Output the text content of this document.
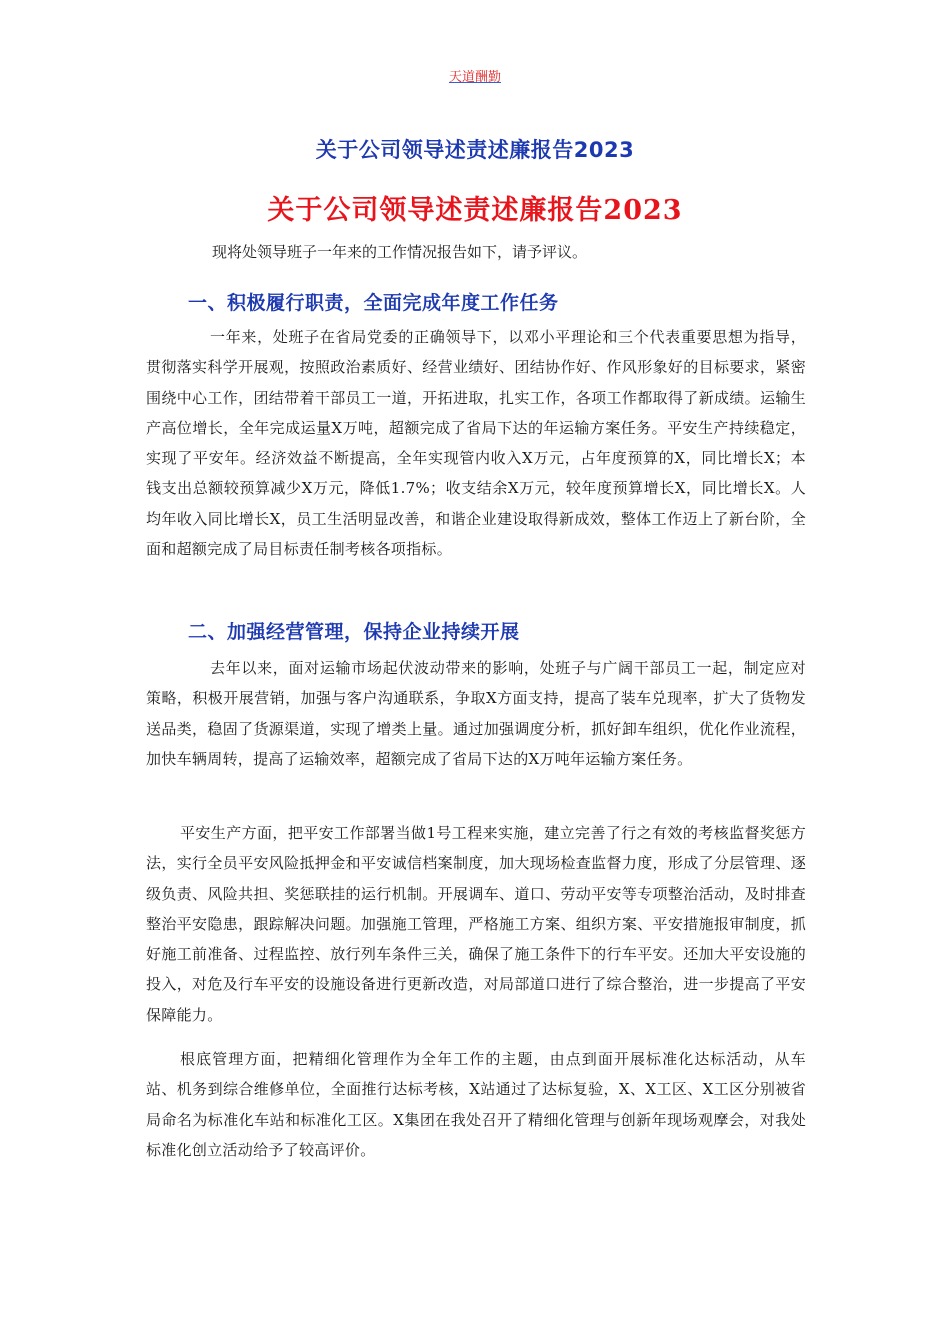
天道酬勤
关于公司领导述责述廉报告2023
关于公司领导述责述廉报告2023
现将处领导班子一年来的工作情况报告如下，请予评议。
一、积极履行职责，全面完成年度工作任务
一年来，处班子在省局党委的正确领导下，以邓小平理论和三个代表重要思想为指导，贯彻落实科学开展观，按照政治素质好、经营业绩好、团结协作好、作风形象好的目标要求，紧密围绕中心工作，团结带着干部员工一道，开拓进取，扎实工作，各项工作都取得了新成绩。运输生产高位增长，全年完成运量X万吨，超额完成了省局下达的年运输方案任务。平安生产持续稳定，实现了平安年。经济效益不断提高，全年实现管内收入X万元，占年度预算的X，同比增长X；本钱支出总额较预算减少X万元，降低1.7%；收支结余X万元，较年度预算增长X，同比增长X。人均年收入同比增长X，员工生活明显改善，和谐企业建设取得新成效，整体工作迈上了新台阶，全面和超额完成了局目标责任制考核各项指标。
二、加强经营管理，保持企业持续开展
去年以来，面对运输市场起伏波动带来的影响，处班子与广阔干部员工一起，制定应对策略，积极开展营销，加强与客户沟通联系，争取X方面支持，提高了装车兑现率，扩大了货物发送品类，稳固了货源渠道，实现了增类上量。通过加强调度分析，抓好卸车组织，优化作业流程，加快车辆周转，提高了运输效率，超额完成了省局下达的X万吨年运输方案任务。
平安生产方面，把平安工作部署当做1号工程来实施，建立完善了行之有效的考核监督奖惩方法，实行全员平安风险抵押金和平安诚信档案制度，加大现场检查监督力度，形成了分层管理、逐级负责、风险共担、奖惩联挂的运行机制。开展调车、道口、劳动平安等专项整治活动，及时排查整治平安隐患，跟踪解决问题。加强施工管理，严格施工方案、组织方案、平安措施报审制度，抓好施工前准备、过程监控、放行列车条件三关，确保了施工条件下的行车平安。还加大平安设施的投入，对危及行车平安的设施设备进行更新改造，对局部道口进行了综合整治，进一步提高了平安保障能力。
根底管理方面，把精细化管理作为全年工作的主题，由点到面开展标准化达标活动，从车站、机务到综合维修单位，全面推行达标考核，X站通过了达标复验，X、X工区、X工区分别被省局命名为标准化车站和标准化工区。X集团在我处召开了精细化管理与创新年现场观摩会，对我处标准化创立活动给予了较高评价。
